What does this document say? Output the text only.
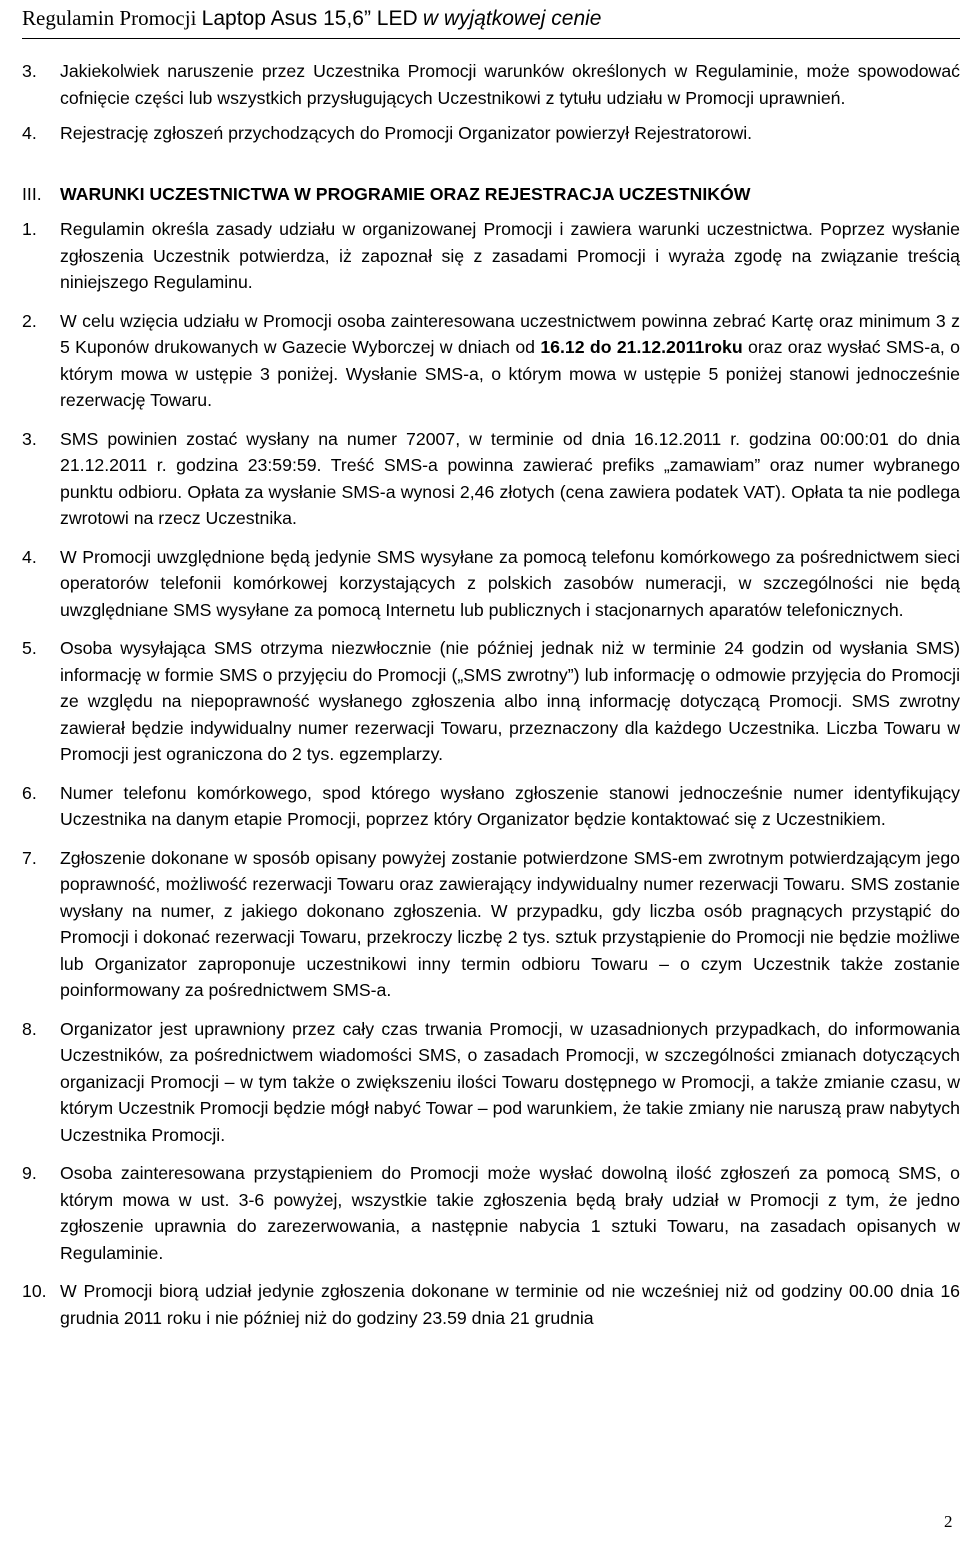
Regulamin Promocji Laptop Asus 15,6” LED w wyjątkowej cenie
3.	Jakiekolwiek naruszenie przez Uczestnika Promocji warunków określonych w Regulaminie, może spowodować cofnięcie części lub wszystkich przysługujących Uczestnikowi z tytułu udziału w Promocji uprawnień.
4.	Rejestrację zgłoszeń przychodzących do Promocji Organizator powierzył Rejestratorowi.
III.	WARUNKI UCZESTNICTWA W PROGRAMIE ORAZ REJESTRACJA UCZESTNIKÓW
1.	Regulamin określa zasady udziału w organizowanej Promocji i zawiera warunki uczestnictwa. Poprzez wysłanie zgłoszenia Uczestnik potwierdza, iż zapoznał się z zasadami Promocji i wyraża zgodę na związanie treścią niniejszego Regulaminu.
2.	W celu wzięcia udziału w Promocji osoba zainteresowana uczestnictwem powinna zebrać Kartę oraz minimum 3 z 5 Kuponów drukowanych w Gazecie Wyborczej w dniach od 16.12 do 21.12.2011roku oraz oraz wysłać SMS-a, o którym mowa w ustępie 3 poniżej. Wysłanie SMS-a, o którym mowa w ustępie 5 poniżej stanowi jednocześnie rezerwację Towaru.
3.	SMS powinien zostać wysłany na numer 72007, w terminie od dnia 16.12.2011 r. godzina 00:00:01 do dnia 21.12.2011 r. godzina 23:59:59. Treść SMS-a powinna zawierać prefiks „zamawiam” oraz numer wybranego punktu odbioru. Opłata za wysłanie SMS-a wynosi 2,46 złotych (cena zawiera podatek VAT). Opłata ta nie podlega zwrotowi na rzecz Uczestnika.
4.	W Promocji uwzględnione będą jedynie SMS wysyłane za pomocą telefonu komórkowego za pośrednictwem sieci operatorów telefonii komórkowej korzystających z polskich zasobów numeracji, w szczególności nie będą uwzględniane SMS wysyłane za pomocą Internetu lub publicznych i stacjonarnych aparatów telefonicznych.
5.	Osoba wysyłająca SMS otrzyma niezwłocznie (nie później jednak niż w terminie 24 godzin od wysłania SMS) informację w formie SMS o przyjęciu do Promocji („SMS zwrotny”) lub informację o odmowie przyjęcia do Promocji ze względu na niepoprawność wysłanego zgłoszenia albo inną informację dotyczącą Promocji. SMS zwrotny zawierał będzie indywidualny numer rezerwacji Towaru, przeznaczony dla każdego Uczestnika. Liczba Towaru w Promocji jest ograniczona do 2 tys. egzemplarzy.
6.	Numer telefonu komórkowego, spod którego wysłano zgłoszenie stanowi jednocześnie numer identyfikujący Uczestnika na danym etapie Promocji, poprzez który Organizator będzie kontaktować się z Uczestnikiem.
7.	Zgłoszenie dokonane w sposób opisany powyżej zostanie potwierdzone SMS-em zwrotnym potwierdzającym jego poprawność, możliwość rezerwacji Towaru oraz zawierający indywidualny numer rezerwacji Towaru. SMS zostanie wysłany na numer, z jakiego dokonano zgłoszenia. W przypadku, gdy liczba osób pragnących przystąpić do Promocji i dokonać rezerwacji Towaru, przekroczy liczbę 2 tys. sztuk przystąpienie do Promocji nie będzie możliwe lub Organizator zaproponuje uczestnikowi inny termin odbioru Towaru – o czym Uczestnik także zostanie poinformowany za pośrednictwem SMS-a.
8.	Organizator jest uprawniony przez cały czas trwania Promocji, w uzasadnionych przypadkach, do informowania Uczestników, za pośrednictwem wiadomości SMS, o zasadach Promocji, w szczególności zmianach dotyczących organizacji Promocji – w tym także o zwiększeniu ilości Towaru dostępnego w Promocji, a także zmianie czasu, w którym Uczestnik Promocji będzie mógł nabyć Towar – pod warunkiem, że takie zmiany nie naruszą praw nabytych Uczestnika Promocji.
9.	Osoba zainteresowana przystąpieniem do Promocji może wysłać dowolną ilość zgłoszeń za pomocą SMS, o którym mowa w ust. 3-6 powyżej, wszystkie takie zgłoszenia będą brały udział w Promocji z tym, że jedno zgłoszenie uprawnia do zarezerwowania, a następnie nabycia 1 sztuki Towaru, na zasadach opisanych w Regulaminie.
10. W Promocji biorą udział jedynie zgłoszenia dokonane w terminie od nie wcześniej niż od godziny 00.00 dnia 16 grudnia 2011 roku i nie później niż do godziny 23.59 dnia 21 grudnia
2
